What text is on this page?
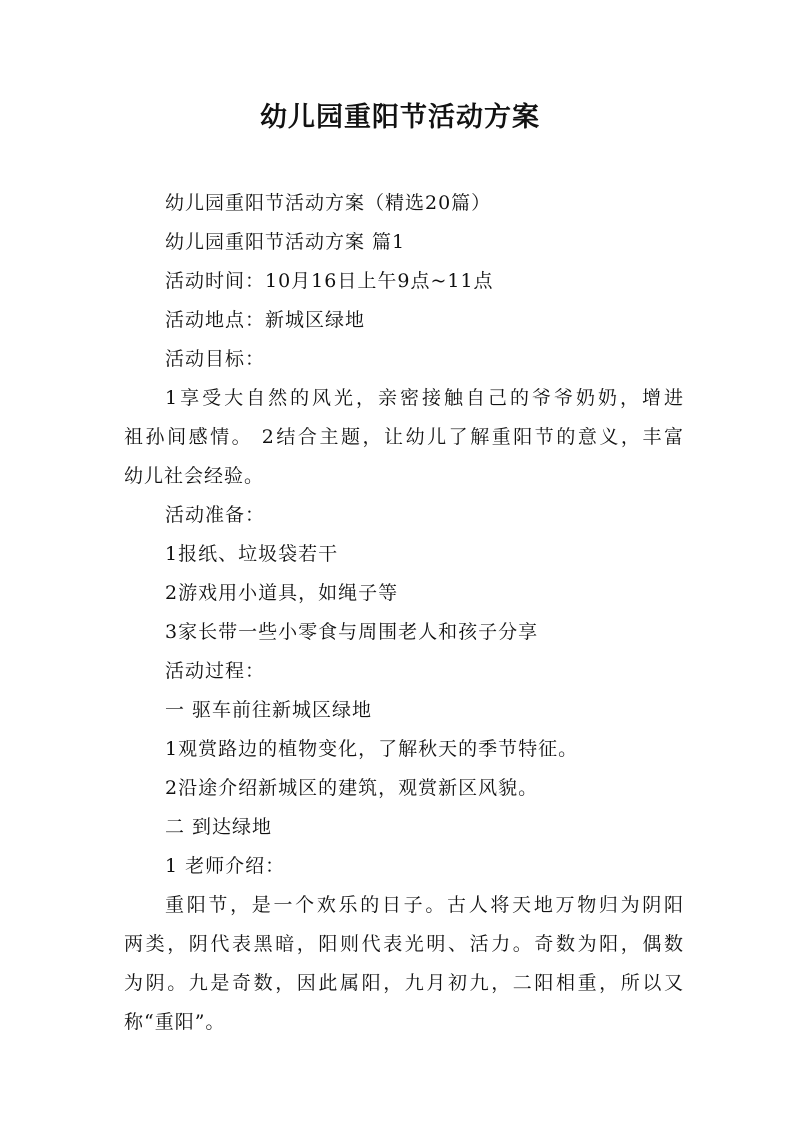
幼儿园重阳节活动方案

幼儿园重阳节活动方案（精选20篇）

幼儿园重阳节活动方案 篇1

活动时间：10月16日上午9点~11点

活动地点：新城区绿地

活动目标：

1享受大自然的风光，亲密接触自己的爷爷奶奶，增进

祖孙间感情。 2结合主题，让幼儿了解重阳节的意义，丰富

幼儿社会经验。

活动准备：

1报纸、垃圾袋若干

2游戏用小道具，如绳子等

3家长带一些小零食与周围老人和孩子分享

活动过程：

一 驱车前往新城区绿地

1观赏路边的植物变化，了解秋天的季节特征。

2沿途介绍新城区的建筑，观赏新区风貌。

二 到达绿地

1 老师介绍：

重阳节，是一个欢乐的日子。古人将天地万物归为阴阳

两类，阴代表黑暗，阳则代表光明、活力。奇数为阳，偶数

为阴。九是奇数，因此属阳，九月初九，二阳相重，所以又

称“重阳”。
